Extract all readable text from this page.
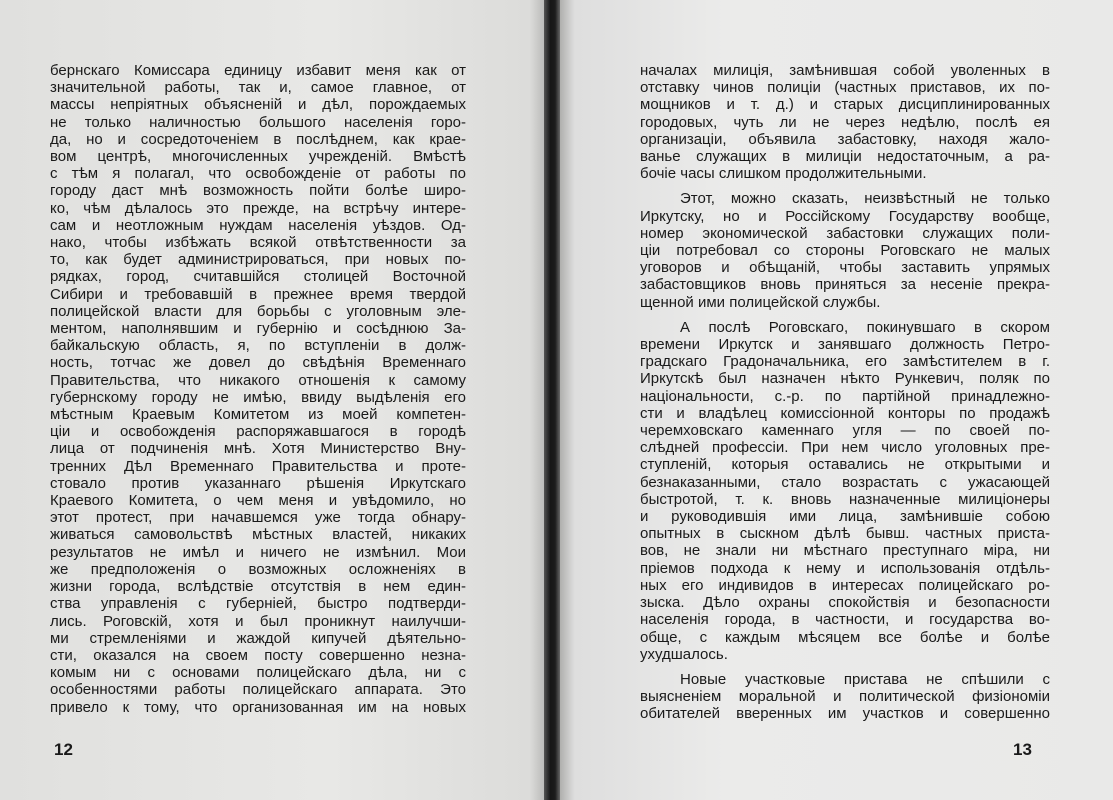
бернскаго Комиссара единицу избавит меня как от
значительной работы, так и, самое главное, от
массы непріятных объясненій и дѣл, порождаемых
не только наличностью большого населенія горо-
да, но и сосредоточеніем в послѣднем, как крае-
вом центрѣ, многочисленных учрежденій. Вмѣстѣ
с тѣм я полагал, что освобожденіе от работы по
городу даст мнѣ возможность пойти болѣе широ-
ко, чѣм дѣлалось это прежде, на встрѣчу интере-
сам и неотложным нуждам населенія уѣздов. Од-
нако, чтобы избѣжать всякой отвѣтственности за
то, как будет администрироваться, при новых по-
рядках, город, считавшійся столицей Восточной
Сибири и требовавшій в прежнее время твердой
полицейской власти для борьбы с уголовным эле-
ментом, наполнявшим и губернію и сосѣднюю За-
байкальскую область, я, по вступленіи в долж-
ность, тотчас же довел до свѣдѣнія Временнаго
Правительства, что никакого отношенія к самому
губернскому городу не имѣю, ввиду выдѣленія его
мѣстным Краевым Комитетом из моей компетен-
ціи и освобожденія распоряжавшагося в городѣ
лица от подчиненія мнѣ. Хотя Министерство Вну-
тренних Дѣл Временнаго Правительства и проте-
стовало против указаннаго рѣшенія Иркутскаго
Краевого Комитета, о чем меня и увѣдомило, но
этот протест, при начавшемся уже тогда обнару-
живаться самовольствѣ мѣстных властей, никаких
результатов не имѣл и ничего не измѣнил. Мои
же предположенія о возможных осложненіях в
жизни города, вслѣдствіе отсутствія в нем един-
ства управленія с губерніей, быстро подтверди-
лись. Роговскій, хотя и был проникнут наилучши-
ми стремленіями и жаждой кипучей дѣятельно-
сти, оказался на своем посту совершенно незна-
комым ни с основами полицейскаго дѣла, ни с
особенностями работы полицейскаго аппарата. Это
привело к тому, что организованная им на новых
началах милиція, замѣнившая собой уволенных в
отставку чинов полиціи (частных приставов, их по-
мощников и т. д.) и старых дисциплинированных
городовых, чуть ли не через недѣлю, послѣ ея
организаціи, объявила забастовку, находя жало-
ванье служащих в милиціи недостаточным, а ра-
бочіе часы слишком продолжительными.
Этот, можно сказать, неизвѣстный не только
Иркутску, но и Россійскому Государству вообще,
номер экономической забастовки служащих поли-
ціи потребовал со стороны Роговскаго не малых
уговоров и обѣщаній, чтобы заставить упрямых
забастовщиков вновь приняться за несеніе прекра-
щенной ими полицейской службы.
А послѣ Роговскаго, покинувшаго в скором
времени Иркутск и занявшаго должность Петро-
градскаго Градоначальника, его замѣстителем в г.
Иркутскѣ был назначен нѣкто Рункевич, поляк по
національности, с.-р. по партійной принадлежно-
сти и владѣлец комиссіонной конторы по продажѣ
черемховскаго каменнаго угля — по своей по-
слѣдней профессіи. При нем число уголовных пре-
ступленій, которыя оставались не открытыми и
безнаказанными, стало возрастать с ужасающей
быстротой, т. к. вновь назначенные милиціонеры
и руководившія ими лица, замѣнившіе собою
опытных в сыскном дѣлѣ бывш. частных приста-
вов, не знали ни мѣстнаго преступнаго міра, ни
пріемов подхода к нему и использованія отдѣль-
ных его индивидов в интересах полицейскаго ро-
зыска. Дѣло охраны спокойствія и безопасности
населенія города, в частности, и государства во-
обще, с каждым мѣсяцем все болѣе и болѣе
ухудшалось.
Новые участковые пристава не спѣшили с
выясненіем моральной и политической физіономіи
обитателей вверенных им участков и совершенно
12	13
